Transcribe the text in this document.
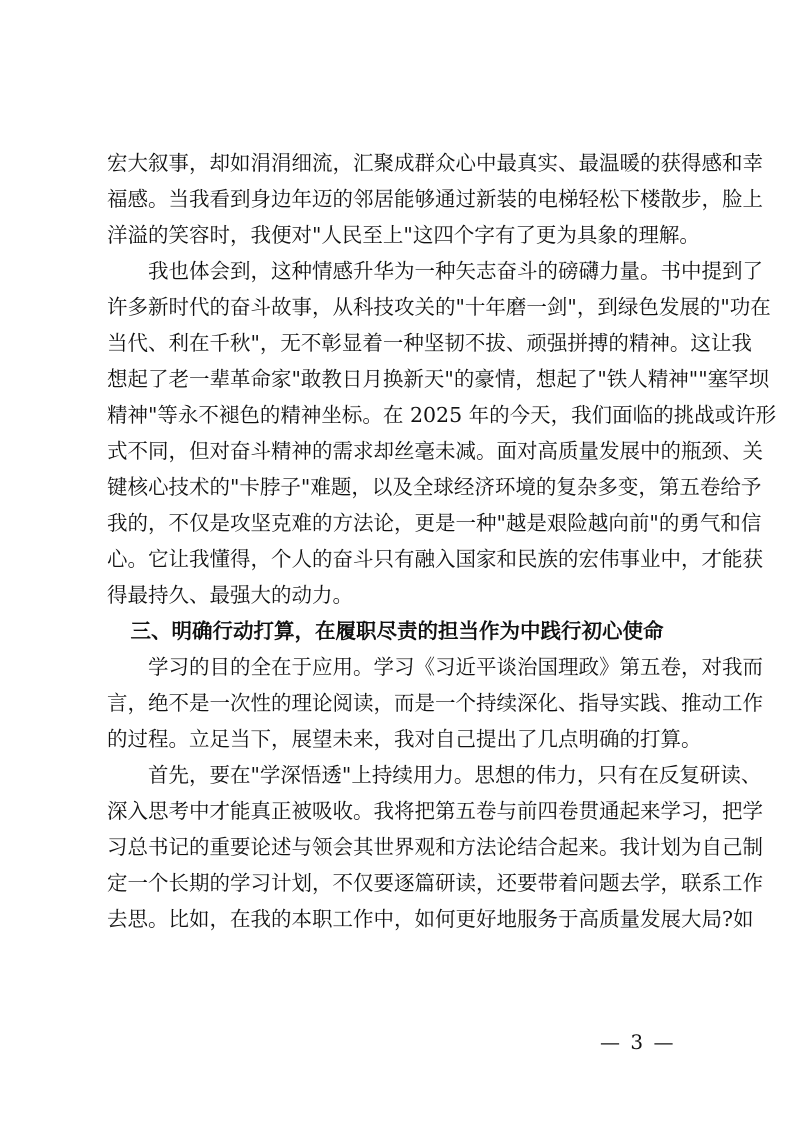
宏大叙事，却如涓涓细流，汇聚成群众心中最真实、最温暖的获得感和幸
福感。当我看到身边年迈的邻居能够通过新装的电梯轻松下楼散步，脸上
洋溢的笑容时，我便对"人民至上"这四个字有了更为具象的理解。
　　我也体会到，这种情感升华为一种矢志奋斗的磅礴力量。书中提到了
许多新时代的奋斗故事，从科技攻关的"十年磨一剑"，到绿色发展的"功在
当代、利在千秋"，无不彰显着一种坚韧不拔、顽强拼搏的精神。这让我
想起了老一辈革命家"敢教日月换新天"的豪情，想起了"铁人精神""塞罕坝
精神"等永不褪色的精神坐标。在 2025 年的今天，我们面临的挑战或许形
式不同，但对奋斗精神的需求却丝毫未减。面对高质量发展中的瓶颈、关
键核心技术的"卡脖子"难题，以及全球经济环境的复杂多变，第五卷给予
我的，不仅是攻坚克难的方法论，更是一种"越是艰险越向前"的勇气和信
心。它让我懂得，个人的奋斗只有融入国家和民族的宏伟事业中，才能获
得最持久、最强大的动力。
三、明确行动打算，在履职尽责的担当作为中践行初心使命
　　学习的目的全在于应用。学习《习近平谈治国理政》第五卷，对我而
言，绝不是一次性的理论阅读，而是一个持续深化、指导实践、推动工作
的过程。立足当下，展望未来，我对自己提出了几点明确的打算。
　　首先，要在"学深悟透"上持续用力。思想的伟力，只有在反复研读、
深入思考中才能真正被吸收。我将把第五卷与前四卷贯通起来学习，把学
习总书记的重要论述与领会其世界观和方法论结合起来。我计划为自己制
定一个长期的学习计划，不仅要逐篇研读，还要带着问题去学，联系工作
去思。比如，在我的本职工作中，如何更好地服务于高质量发展大局?如
— 3 —
